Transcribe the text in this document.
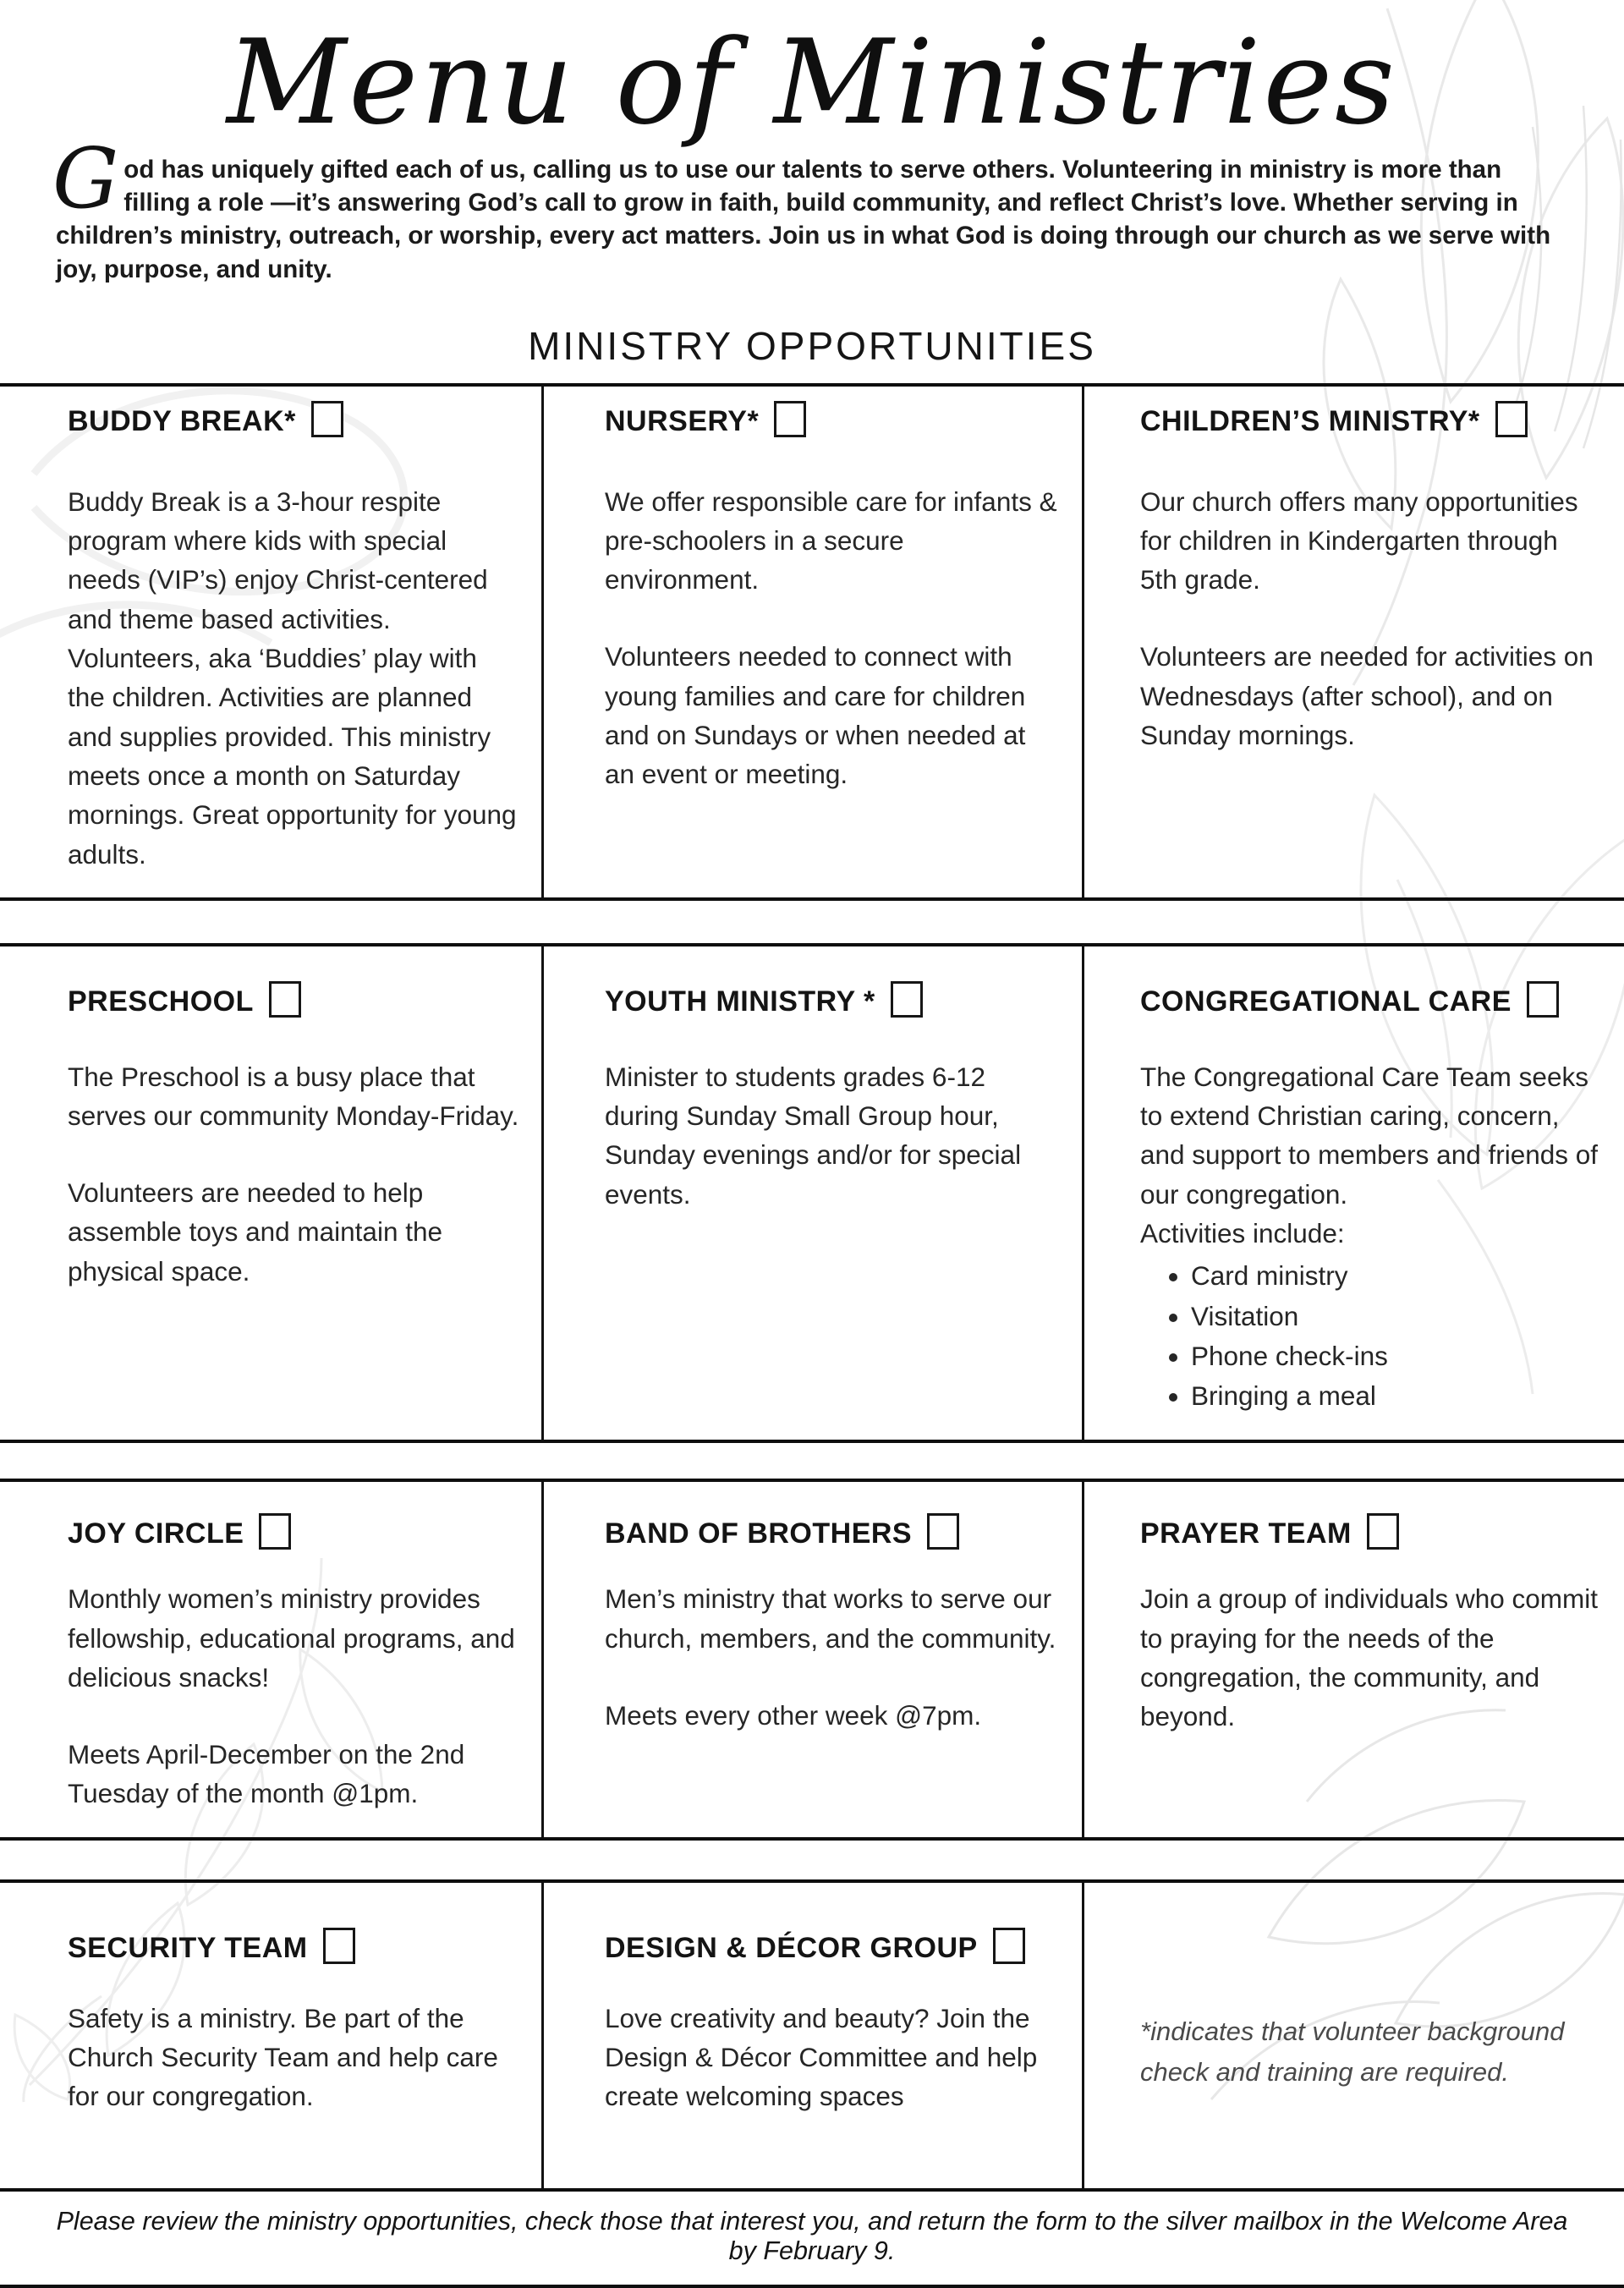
Menu of Ministries
God has uniquely gifted each of us, calling us to use our talents to serve others. Volunteering in ministry is more than filling a role —it’s answering God’s call to grow in faith, build community, and reflect Christ’s love. Whether serving in children’s ministry, outreach, or worship, every act matters. Join us in what God is doing through our church as we serve with joy, purpose, and unity.
MINISTRY OPPORTUNITIES
BUDDY BREAK*

Buddy Break is a 3-hour respite program where kids with special needs (VIP’s) enjoy Christ-centered and theme based activities.

Volunteers, aka ‘Buddies’ play with the children. Activities are planned and supplies provided. This ministry meets once a month on Saturday mornings. Great opportunity for young adults.

NURSERY*

We offer responsible care for infants & pre-schoolers in a secure environment.

Volunteers needed to connect with young families and care for children and on Sundays or when needed at an event or meeting.

CHILDREN’S MINISTRY*

Our church offers many opportunities for children in Kindergarten through 5th grade.

Volunteers are needed for activities on Wednesdays (after school), and on Sunday mornings.

PRESCHOOL

The Preschool is a busy place that serves our community Monday-Friday.

Volunteers are needed to help assemble toys and maintain the physical space.

YOUTH MINISTRY *

Minister to students grades 6-12 during Sunday Small Group hour, Sunday evenings and/or for special events.

CONGREGATIONAL CARE

The Congregational Care Team seeks to extend Christian caring, concern, and support to members and friends of our congregation.

Activities include:

• Card ministry
• Visitation
• Phone check-ins
• Bringing a meal
JOY CIRCLE

Monthly women’s ministry provides fellowship, educational programs, and delicious snacks!

Meets April-December on the 2nd Tuesday of the month @1pm.

BAND OF BROTHERS

Men’s ministry that works to serve our church, members, and the community.

Meets every other week @7pm.

PRAYER TEAM

Join a group of individuals who commit to praying for the needs of the congregation, the community, and beyond.

SECURITY TEAM

Safety is a ministry. Be part of the Church Security Team and help care for our congregation.

DESIGN & DÉCOR GROUP

Love creativity and beauty? Join the Design & Décor Committee and help create welcoming spaces

*indicates that volunteer background check and training are required.

Please review the ministry opportunities, check those that interest you, and return the form to the silver mailbox in the Welcome Area by February 9.
